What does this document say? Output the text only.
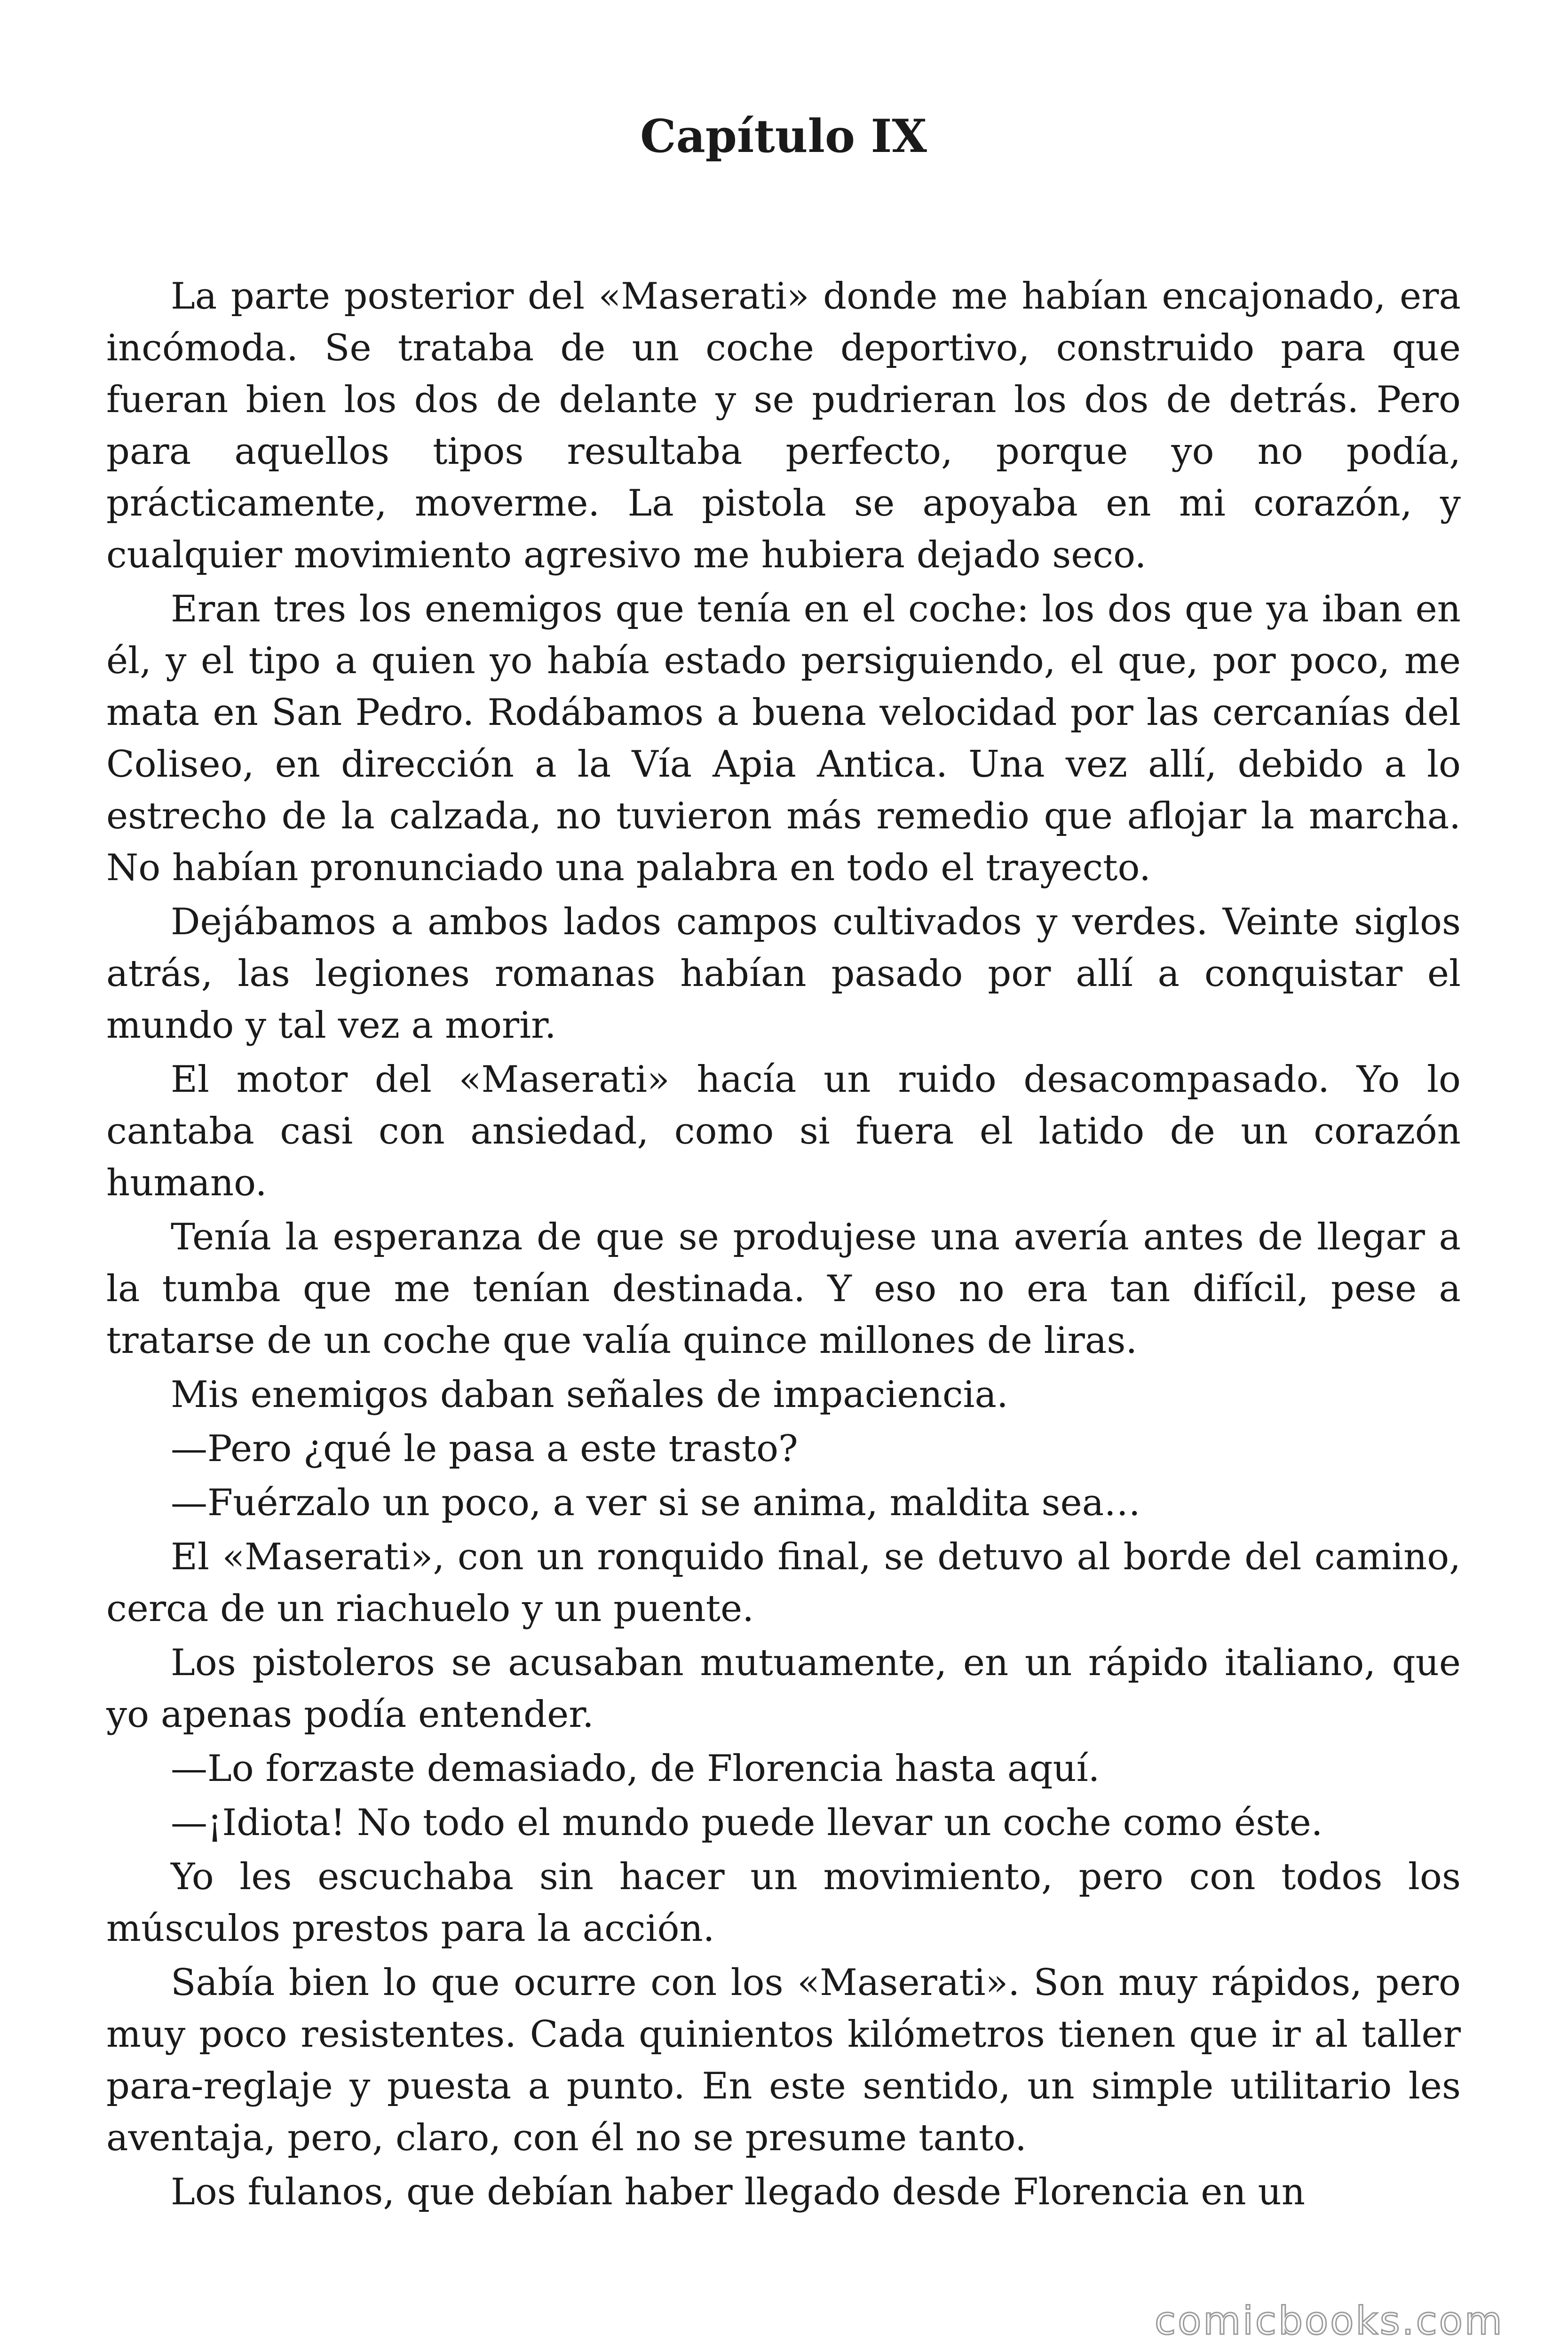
Capítulo IX

La parte posterior del «Maserati» donde me habían encajonado, era incómoda. Se trataba de un coche deportivo, construido para que fueran bien los dos de delante y se pudrieran los dos de detrás. Pero para aquellos tipos resultaba perfecto, porque yo no podía, prácticamente, moverme. La pistola se apoyaba en mi corazón, y cualquier movimiento agresivo me hubiera dejado seco.

Eran tres los enemigos que tenía en el coche: los dos que ya iban en él, y el tipo a quien yo había estado persiguiendo, el que, por poco, me mata en San Pedro. Rodábamos a buena velocidad por las cercanías del Coliseo, en dirección a la Vía Apia Antica. Una vez allí, debido a lo estrecho de la calzada, no tuvieron más remedio que aflojar la marcha. No habían pronunciado una palabra en todo el trayecto.

Dejábamos a ambos lados campos cultivados y verdes. Veinte siglos atrás, las legiones romanas habían pasado por allí a conquistar el mundo y tal vez a morir.

El motor del «Maserati» hacía un ruido desacompasado. Yo lo cantaba casi con ansiedad, como si fuera el latido de un corazón humano.

Tenía la esperanza de que se produjese una avería antes de llegar a la tumba que me tenían destinada. Y eso no era tan difícil, pese a tratarse de un coche que valía quince millones de liras.

Mis enemigos daban señales de impaciencia.

—Pero ¿qué le pasa a este trasto?

—Fuérzalo un poco, a ver si se anima, maldita sea…

El «Maserati», con un ronquido final, se detuvo al borde del camino, cerca de un riachuelo y un puente.

Los pistoleros se acusaban mutuamente, en un rápido italiano, que yo apenas podía entender.

—Lo forzaste demasiado, de Florencia hasta aquí.

—¡Idiota! No todo el mundo puede llevar un coche como éste.

Yo les escuchaba sin hacer un movimiento, pero con todos los músculos prestos para la acción.

Sabía bien lo que ocurre con los «Maserati». Son muy rápidos, pero muy poco resistentes. Cada quinientos kilómetros tienen que ir al taller para-reglaje y puesta a punto. En este sentido, un simple utilitario les aventaja, pero, claro, con él no se presume tanto.

Los fulanos, que debían haber llegado desde Florencia en un

comicbooks.com
